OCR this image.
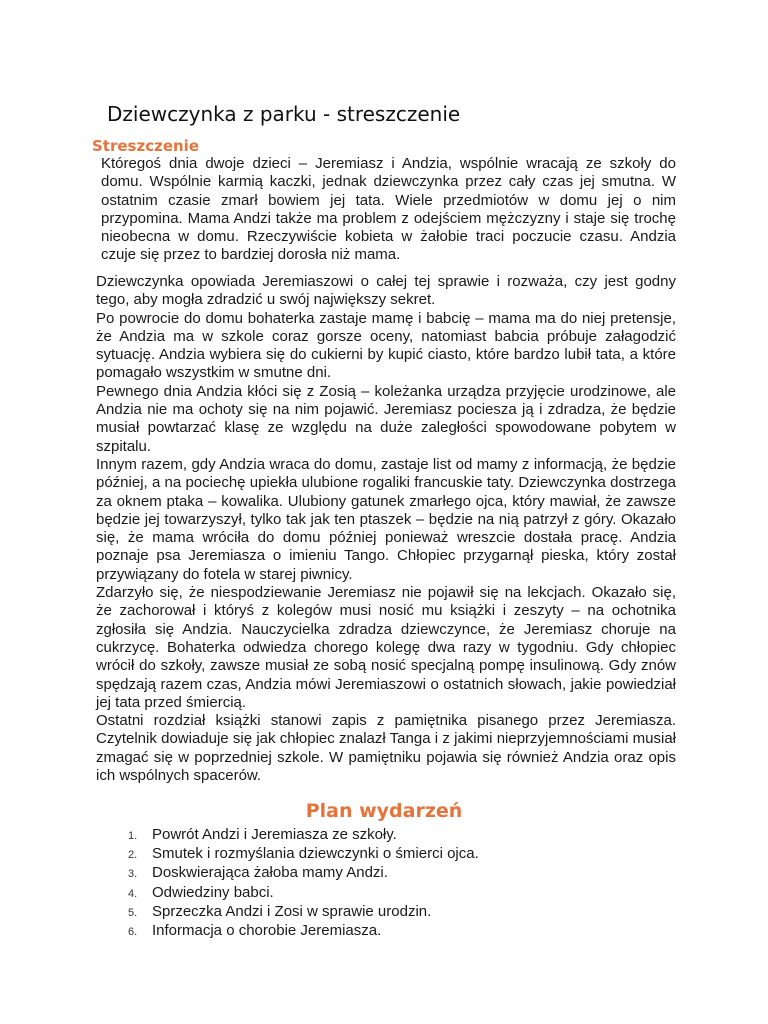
Dziewczynka z parku - streszczenie
Streszczenie

Któregoś dnia dwoje dzieci – Jeremiasz i Andzia, wspólnie wracają ze szkoły do domu. Wspólnie karmią kaczki, jednak dziewczynka przez cały czas jej smutna. W ostatnim czasie zmarł bowiem jej tata. Wiele przedmiotów w domu jej o nim przypomina. Mama Andzi także ma problem z odejściem mężczyzny i staje się trochę nieobecna w domu. Rzeczywiście kobieta w żałobie traci poczucie czasu. Andzia czuje się przez to bardziej dorosła niż mama.

Dziewczynka opowiada Jeremiaszowi o całej tej sprawie i rozważa, czy jest godny tego, aby mogła zdradzić u swój największy sekret.

Po powrocie do domu bohaterka zastaje mamę i babcię – mama ma do niej pretensje, że Andzia ma w szkole coraz gorsze oceny, natomiast babcia próbuje załagodzić sytuację. Andzia wybiera się do cukierni by kupić ciasto, które bardzo lubił tata, a które pomagało wszystkim w smutne dni.

Pewnego dnia Andzia kłóci się z Zosią – koleżanka urządza przyjęcie urodzinowe, ale Andzia nie ma ochoty się na nim pojawić. Jeremiasz pociesza ją i zdradza, że będzie musiał powtarzać klasę ze względu na duże zaległości spowodowane pobytem w szpitalu.

Innym razem, gdy Andzia wraca do domu, zastaje list od mamy z informacją, że będzie później, a na pociechę upiekła ulubione rogaliki francuskie taty. Dziewczynka dostrzega za oknem ptaka – kowalika. Ulubiony gatunek zmarłego ojca, który mawiał, że zawsze będzie jej towarzyszył, tylko tak jak ten ptaszek – będzie na nią patrzył z góry. Okazało się, że mama wróciła do domu później ponieważ wreszcie dostała pracę. Andzia poznaje psa Jeremiasza o imieniu Tango. Chłopiec przygarnął pieska, który został przywiązany do fotela w starej piwnicy.

Zdarzyło się, że niespodziewanie Jeremiasz nie pojawił się na lekcjach. Okazało się, że zachorował i któryś z kolegów musi nosić mu książki i zeszyty – na ochotnika zgłosiła się Andzia. Nauczycielka zdradza dziewczynce, że Jeremiasz choruje na cukrzycę. Bohaterka odwiedza chorego kolegę dwa razy w tygodniu. Gdy chłopiec wrócił do szkoły, zawsze musiał ze sobą nosić specjalną pompę insulinową. Gdy znów spędzają razem czas, Andzia mówi Jeremiaszowi o ostatnich słowach, jakie powiedział jej tata przed śmiercią.

Ostatni rozdział książki stanowi zapis z pamiętnika pisanego przez Jeremiasza. Czytelnik dowiaduje się jak chłopiec znalazł Tanga i z jakimi nieprzyjemnościami musiał zmagać się w poprzedniej szkole. W pamiętniku pojawia się również Andzia oraz opis ich wspólnych spacerów.

Plan wydarzeń
1. Powrót Andzi i Jeremiasza ze szkoły.
2. Smutek i rozmyślania dziewczynki o śmierci ojca.
3. Doskwierająca żałoba mamy Andzi.
4. Odwiedziny babci.
5. Sprzeczka Andzi i Zosi w sprawie urodzin.
6. Informacja o chorobie Jeremiasza.
